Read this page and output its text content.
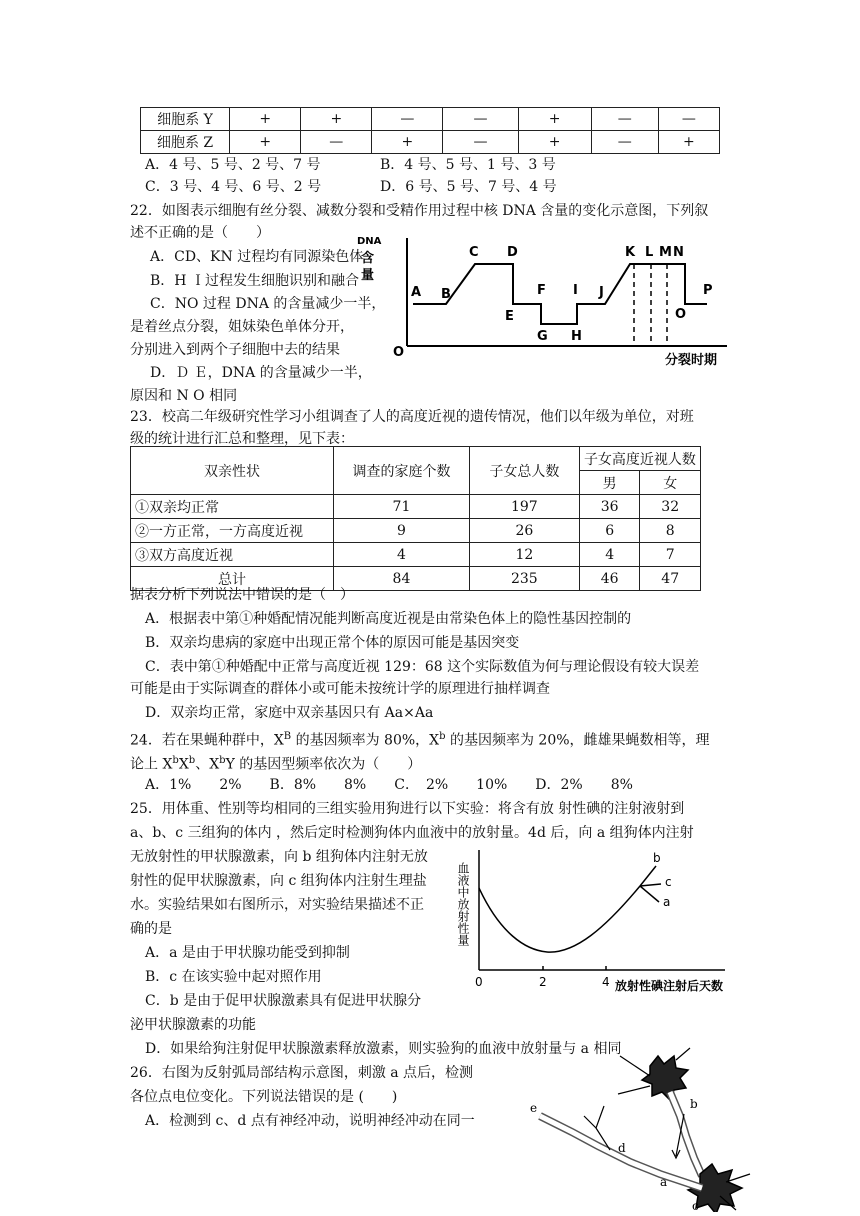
细胞系 Y	+	+	—	—	+	—	—
细胞系 Z	+	—	+	—	+	—	+
A．4 号、5 号、2 号、7 号	B．4 号、5 号、1 号、3 号
C．3 号、4 号、6 号、2 号	D．6 号、5 号、7 号、4 号
22．如图表示细胞有丝分裂、减数分裂和受精作用过程中核 DNA 含量的变化示意图，下列叙
述不正确的是（　　）
A．CD、KN 过程均有同源染色体
B．H Ｉ过程发生细胞识别和融合
C．NO 过程 DNA 的含量减少一半，
是着丝点分裂，姐妹染色单体分开，
分别进入到两个子细胞中去的结果
D．Ｄ Ｅ，DNA 的含量减少一半，
原因和 N O 相同
DNA 含量
O
分裂时期
A B
C D
E
F
G H
I J
K L M N
O
P
23．校高二年级研究性学习小组调查了人的高度近视的遗传情况，他们以年级为单位，对班
级的统计进行汇总和整理，见下表：
双亲性状	调查的家庭个数	子女总人数	子女高度近视人数	
			男	女
①双亲均正常	71	197	36	32
②一方正常，一方高度近视	9	26	6	8
③双方高度近视	4	12	4	7
总计	84	235	46	47
据表分析下列说法中错误的是（　）
A．根据表中第①种婚配情况能判断高度近视是由常染色体上的隐性基因控制的
B．双亲均患病的家庭中出现正常个体的原因可能是基因突变
C．表中第①种婚配中正常与高度近视 129：68 这个实际数值为何与理论假设有较大误差
可能是由于实际调查的群体小或可能未按统计学的原理进行抽样调查
D．双亲均正常，家庭中双亲基因只有 Aa×Aa
24．若在果蝇种群中，$X^B$ 的基因频率为 80%，$X^b$ 的基因频率为 20%，雌雄果蝇数相等，理
论上 $X^bX^b$、$X^bY$ 的基因型频率依次为（　　）
A．1%　　2%　　B．8%　　8%　　C．　2%　　10%　　D．2%　　8%
25．用体重、性别等均相同的三组实验用狗进行以下实验：将含有放 射性碘的注射液射到
a、b、c 三组狗的体内 ，然后定时检测狗体内血液中的放射量。4d 后，向 a 组狗体内注射
无放射性的甲状腺激素，向 b 组狗体内注射无放
射性的促甲状腺激素，向 c 组狗体内注射生理盐
水。实验结果如右图所示，对实验结果描述不正
确的是
A．a 是由于甲状腺功能受到抑制
B．c 在该实验中起对照作用
C．b 是由于促甲状腺激素具有促进甲状腺分
泌甲状腺激素的功能
D．如果给狗注射促甲状腺激素释放激素，则实验狗的血液中放射量与 a 相同
血液中放射性量
0	2	4 放射性碘注射后天数
b
c
a
26．右图为反射弧局部结构示意图，刺激 a 点后，检测
各位点电位变化。下列说法错误的是 (　　)
A．检测到 c、d 点有神经冲动，说明神经冲动在同一
b
e
d
a
c
